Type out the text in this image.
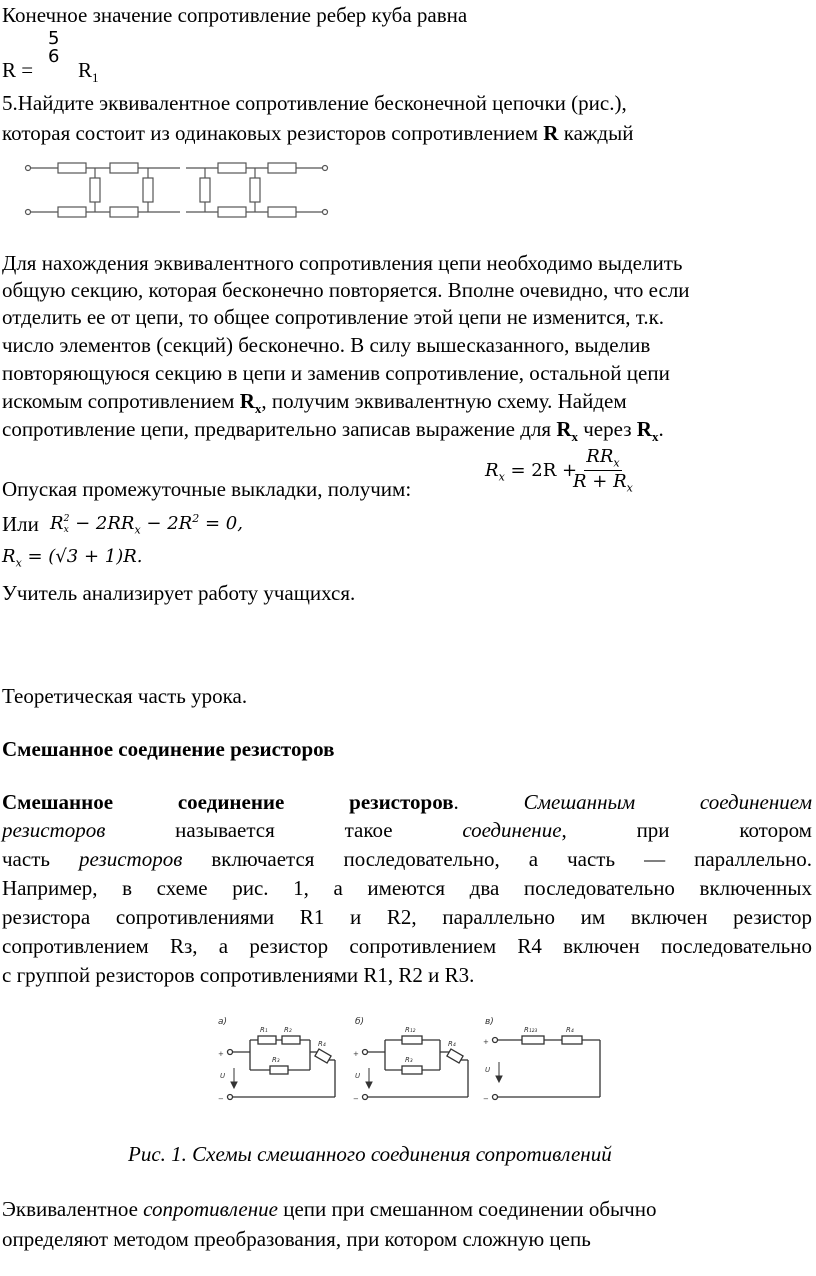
Конечное значение сопротивление ребер куба равна
R =
5
6
$R_1$
5.Найдите эквивалентное сопротивление бесконечной цепочки (рис.),
которая состоит из одинаковых резисторов сопротивлением R каждый
Для нахождения эквивалентного сопротивления цепи необходимо выделить
общую секцию, которая бесконечно повторяется. Вполне очевидно, что если
отделить ее от цепи, то общее сопротивление этой цепи не изменится, т.к.
число элементов (секций) бесконечно. В силу вышесказанного, выделив
повторяющуюся секцию в цепи и заменив сопротивление, остальной цепи
искомым сопротивлением $R_x$, получим эквивалентную схему. Найдем
сопротивление цепи, предварительно записав выражение для $R_x$ через $R_x$.
$R_x = 2R$ +
$RR_x$
$R + R_x$
Опуская промежуточные выкладки, получим:
Или R 2
$x - 2RR_x - 2R^2 = 0$,
$R_x = (√3 + 1)R$.
Учитель анализирует работу учащихся.
Теоретическая часть урока.
Смешанное соединение резисторов
Смешанное соединение резисторов. Смешанным соединением
резисторов называется такое соединение, при котором
часть резисторов включается последовательно, а часть — параллельно.
Например, в схеме рис. 1, а имеются два последовательно включенных
резистора сопротивлениями R1 и R2, параллельно им включен резистор
сопротивлением Rз, а резистор сопротивлением R4 включен последовательно
с группой резисторов сопротивлениями R1, R2 и R3.
а)	б)	в)
R₁ R₂
R₃
R₄
R₁₂
R₃
R₄
R₁₂₃	R₄
+
−
U
+
−
U
+
−
U
Рис. 1. Схемы смешанного соединения сопротивлений
Эквивалентное сопротивление цепи при смешанном соединении обычно
определяют методом преобразования, при котором сложную цепь
